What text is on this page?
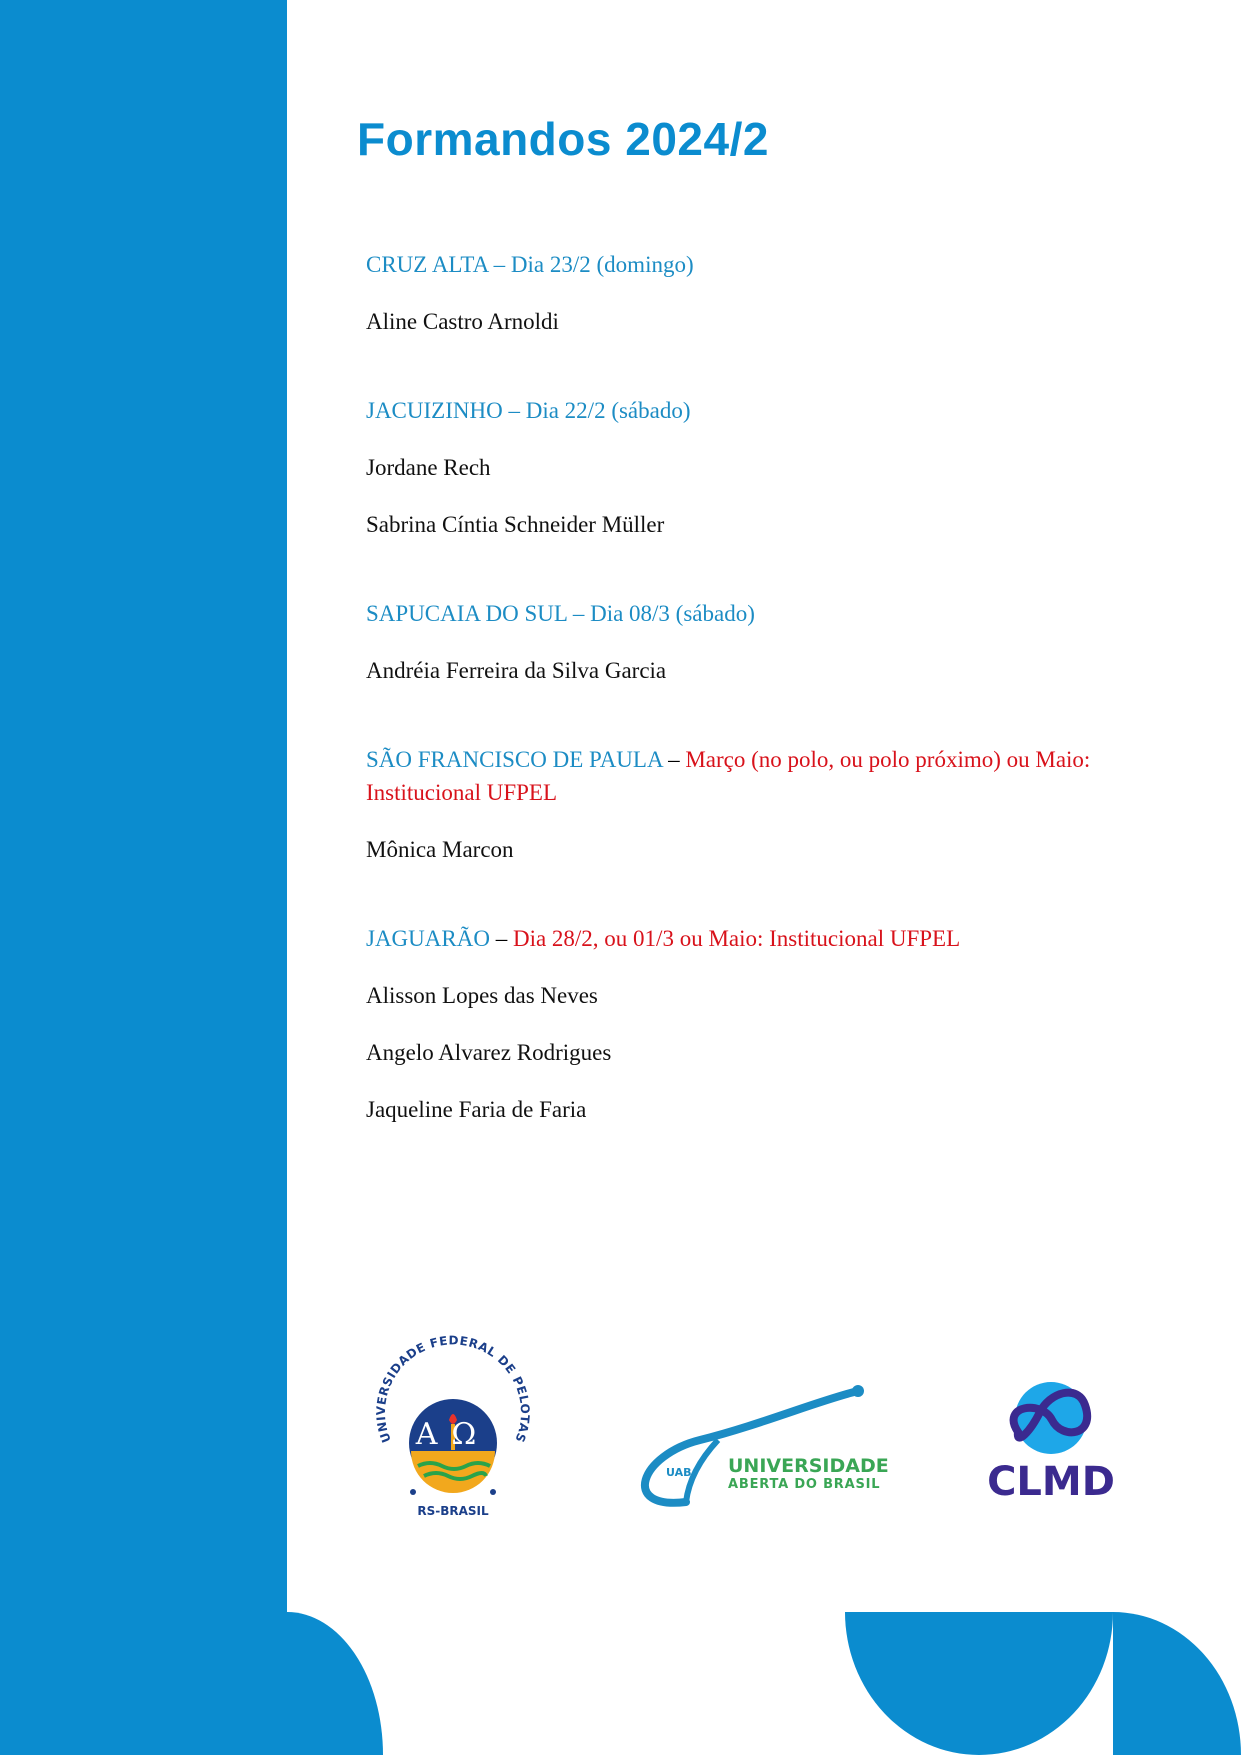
Formandos 2024/2

CRUZ ALTA – Dia 23/2 (domingo)

Aline Castro Arnoldi

JACUIZINHO – Dia 22/2 (sábado)

Jordane Rech
Sabrina Cíntia Schneider Müller

SAPUCAIA DO SUL – Dia 08/3 (sábado)

Andréia Ferreira da Silva Garcia

SÃO FRANCISCO DE PAULA – Março (no polo, ou polo próximo) ou Maio: Institucional UFPEL

Mônica Marcon

JAGUARÃO – Dia 28/2, ou 01/3 ou Maio: Institucional UFPEL

Alisson Lopes das Neves
Angelo Alvarez Rodrigues
Jaqueline Faria de Faria
UNIVERSIDADE FEDERAL DE PELOTAS
AΩ
RS-BRASIL
UAB UNIVERSIDADE
ABERTA DO BRASIL	CLMD
